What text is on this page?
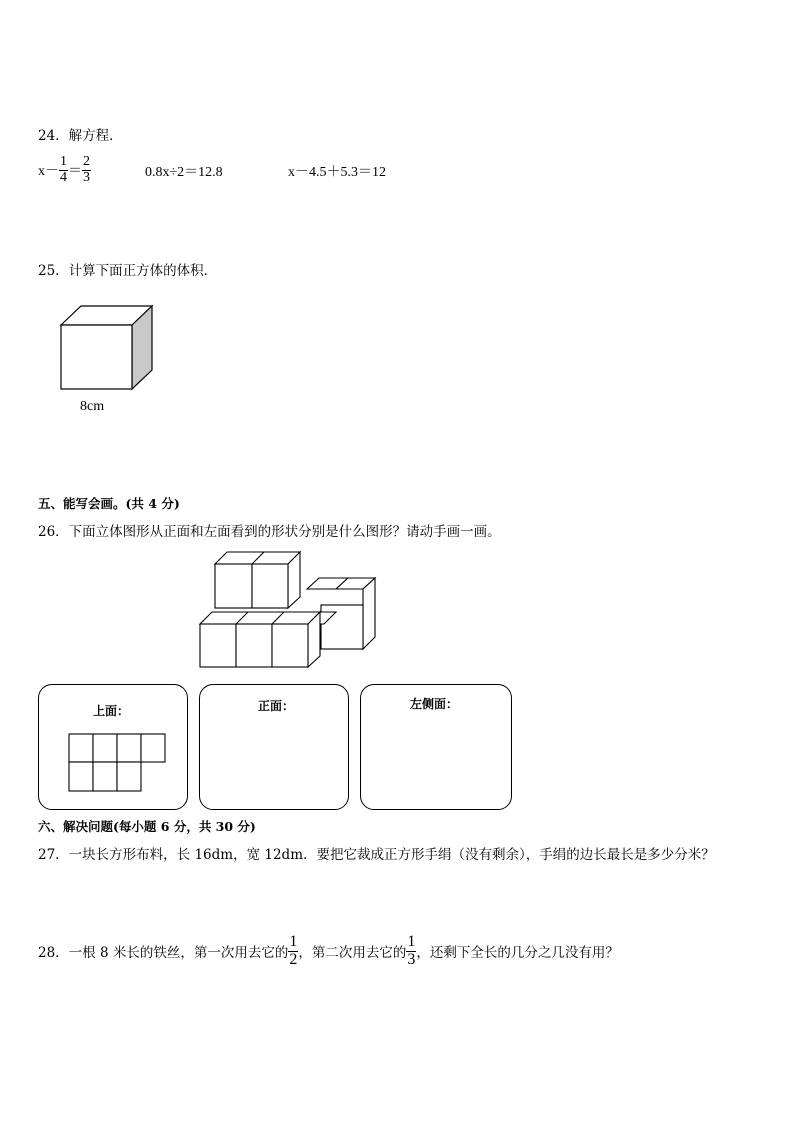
24．解方程．
$x- \frac{1}{4} = \frac{2}{3}$	0.8x÷2＝12.8	x－4.5＋5.3＝12
25．计算下面正方体的体积．
8cm
五、能写会画。(共 4 分)
26．下面立体图形从正面和左面看到的形状分别是什么图形？请动手画一画。
上面：	正面：	左侧面：
六、解决问题(每小题 6 分，共 30 分)
27．一块长方形布料，长 16dm，宽 12dm．要把它裁成正方形手绢（没有剩余），手绢的边长最长是多少分米？
28．一根 8 米长的铁丝，第一次用去它的 $\frac{1}{2}$ ，第二次用去它的 $\frac{1}{3}$ ，还剩下全长的几分之几没有用？
